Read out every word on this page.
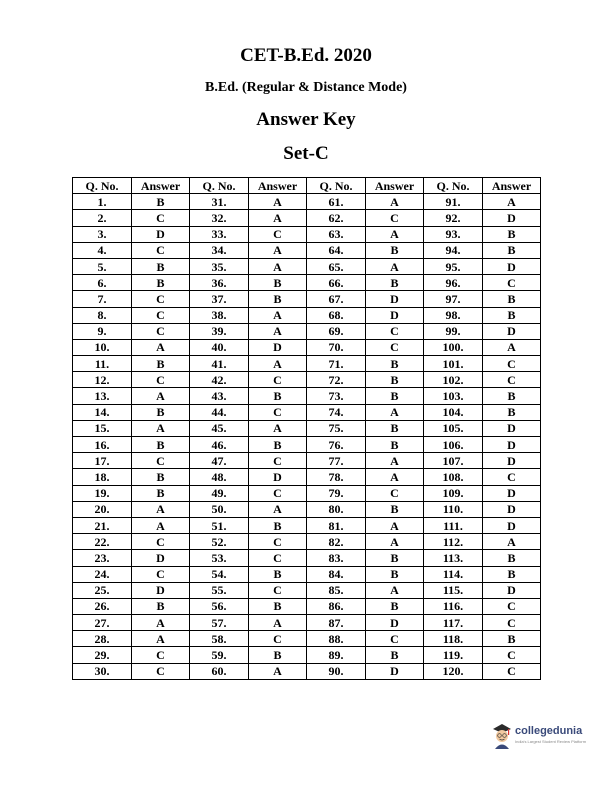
CET-B.Ed. 2020
B.Ed. (Regular & Distance Mode)
Answer Key
Set-C
Q. No.	Answer	Q. No.	Answer	Q. No.	Answer	Q. No.	Answer
1.	B	31.	A	61.	A	91.	A
2.	C	32.	A	62.	C	92.	D
3.	D	33.	C	63.	A	93.	B
4.	C	34.	A	64.	B	94.	B
5.	B	35.	A	65.	A	95.	D
6.	B	36.	B	66.	B	96.	C
7.	C	37.	B	67.	D	97.	B
8.	C	38.	A	68.	D	98.	B
9.	C	39.	A	69.	C	99.	D
10.	A	40.	D	70.	C	100.	A
11.	B	41.	A	71.	B	101.	C
12.	C	42.	C	72.	B	102.	C
13.	A	43.	B	73.	B	103.	B
14.	B	44.	C	74.	A	104.	B
15.	A	45.	A	75.	B	105.	D
16.	B	46.	B	76.	B	106.	D
17.	C	47.	C	77.	A	107.	D
18.	B	48.	D	78.	A	108.	C
19.	B	49.	C	79.	C	109.	D
20.	A	50.	A	80.	B	110.	D
21.	A	51.	B	81.	A	111.	D
22.	C	52.	C	82.	A	112.	A
23.	D	53.	C	83.	B	113.	B
24.	C	54.	B	84.	B	114.	B
25.	D	55.	C	85.	A	115.	D
26.	B	56.	B	86.	B	116.	C
27.	A	57.	A	87.	D	117.	C
28.	A	58.	C	88.	C	118.	B
29.	C	59.	B	89.	B	119.	C
30.	C	60.	A	90.	D	120.	C
collegedunia
India's Largest Student Review Platform
